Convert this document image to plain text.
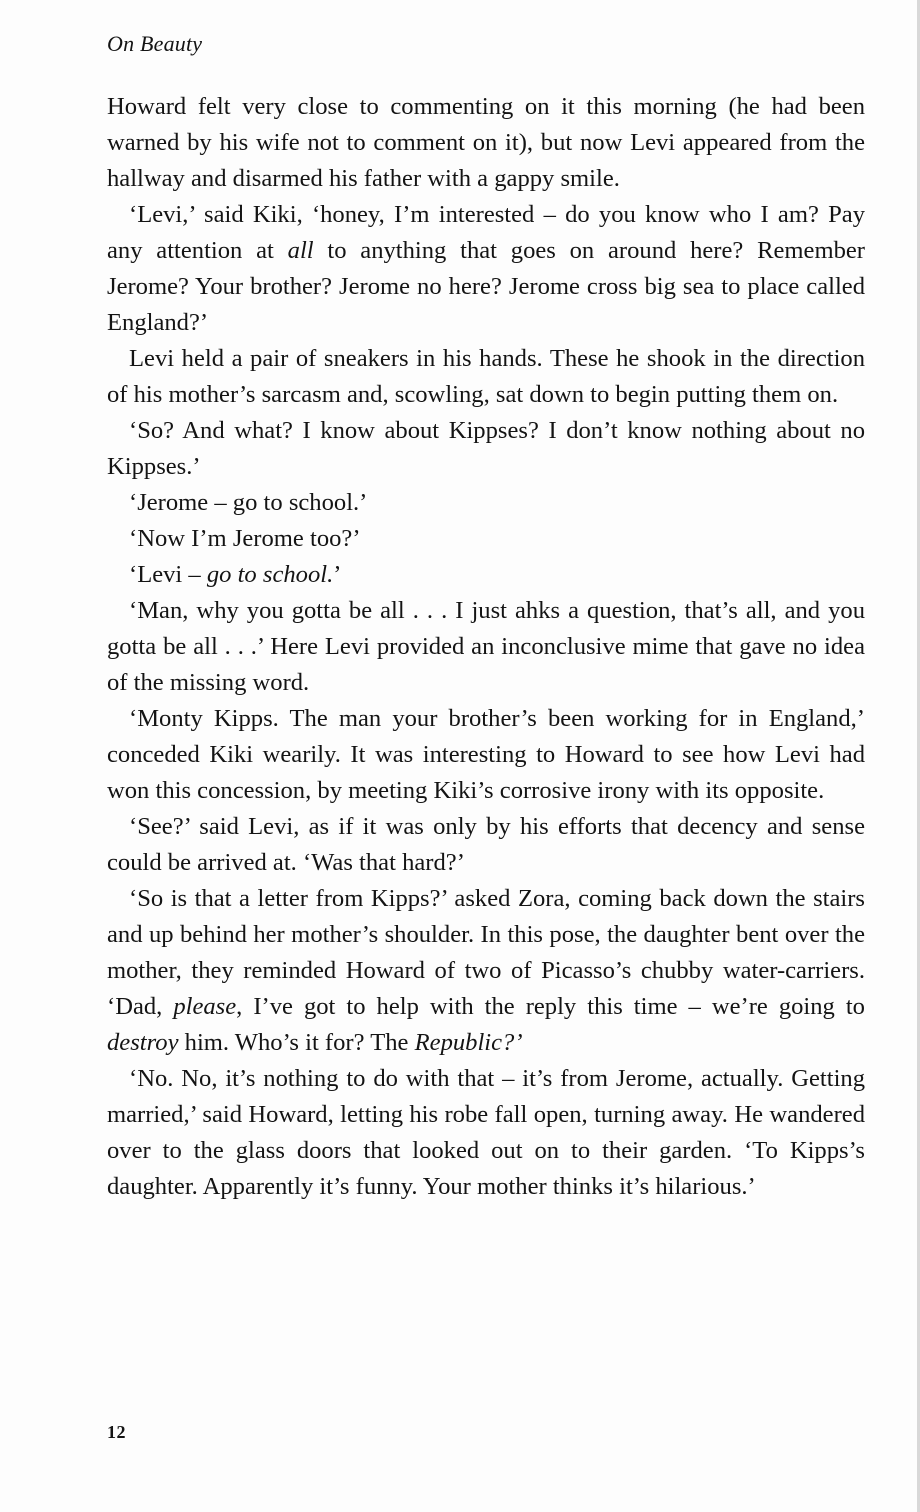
On Beauty

Howard felt very close to commenting on it this morning (he had been warned by his wife not to comment on it), but now Levi appeared from the hallway and disarmed his father with a gappy smile.

‘Levi,’ said Kiki, ‘honey, I’m interested – do you know who I am? Pay any attention at all to anything that goes on around here? Remember Jerome? Your brother? Jerome no here? Jerome cross big sea to place called England?’

Levi held a pair of sneakers in his hands. These he shook in the direction of his mother’s sarcasm and, scowling, sat down to begin putting them on.

‘So? And what? I know about Kippses? I don’t know nothing about no Kippses.’

‘Jerome – go to school.’

‘Now I’m Jerome too?’

‘Levi – go to school.’

‘Man, why you gotta be all . . . I just ahks a question, that’s all, and you gotta be all . . .’ Here Levi provided an inconclusive mime that gave no idea of the missing word.

‘Monty Kipps. The man your brother’s been working for in England,’ conceded Kiki wearily. It was interesting to Howard to see how Levi had won this concession, by meeting Kiki’s corrosive irony with its opposite.

‘See?’ said Levi, as if it was only by his efforts that decency and sense could be arrived at. ‘Was that hard?’

‘So is that a letter from Kipps?’ asked Zora, coming back down the stairs and up behind her mother’s shoulder. In this pose, the daughter bent over the mother, they reminded Howard of two of Picasso’s chubby water-carriers. ‘Dad, please, I’ve got to help with the reply this time – we’re going to destroy him. Who’s it for? The Republic?’

‘No. No, it’s nothing to do with that – it’s from Jerome, actually. Getting married,’ said Howard, letting his robe fall open, turning away. He wandered over to the glass doors that looked out on to their garden. ‘To Kipps’s daughter. Apparently it’s funny. Your mother thinks it’s hilarious.’

12
